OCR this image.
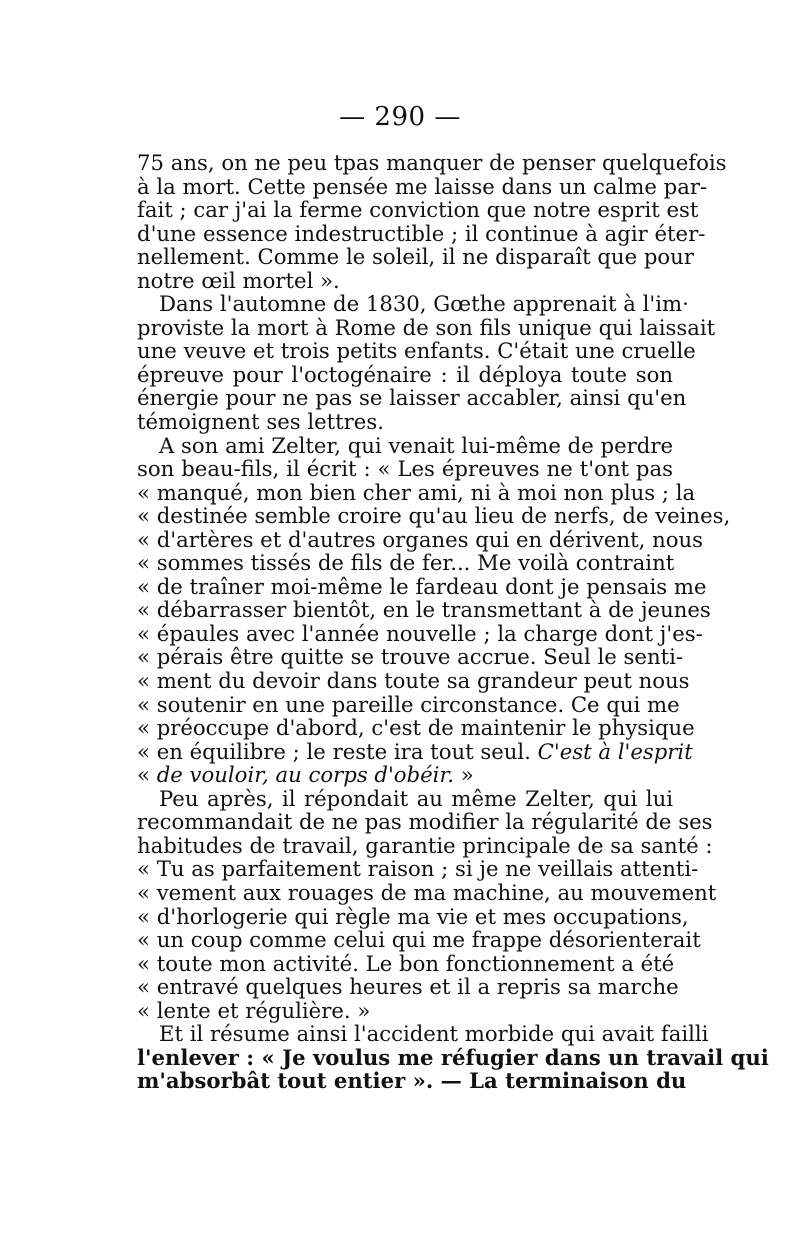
— 290 —
75 ans, on ne peu tpas manquer de penser quelquefois
à la mort. Cette pensée me laisse dans un calme par-
fait ; car j'ai la ferme conviction que notre esprit est
d'une essence indestructible ; il continue à agir éter-
nellement. Comme le soleil, il ne disparaît que pour
notre œil mortel ».
Dans l'automne de 1830, Gœthe apprenait à l'im·
proviste la mort à Rome de son fils unique qui laissait
une veuve et trois petits enfants. C'était une cruelle
épreuve pour l'octogénaire : il déploya toute son
énergie pour ne pas se laisser accabler, ainsi qu'en
témoignent ses lettres.
A son ami Zelter, qui venait lui-même de perdre
son beau-fils, il écrit : « Les épreuves ne t'ont pas
« manqué, mon bien cher ami, ni à moi non plus ; la
« destinée semble croire qu'au lieu de nerfs, de veines,
« d'artères et d'autres organes qui en dérivent, nous
« sommes tissés de fils de fer... Me voilà contraint
« de traîner moi-même le fardeau dont je pensais me
« débarrasser bientôt, en le transmettant à de jeunes
« épaules avec l'année nouvelle ; la charge dont j'es-
« pérais être quitte se trouve accrue. Seul le senti-
« ment du devoir dans toute sa grandeur peut nous
« soutenir en une pareille circonstance. Ce qui me
« préoccupe d'abord, c'est de maintenir le physique
« en équilibre ; le reste ira tout seul. C'est à l'esprit
« de vouloir, au corps d'obéir. »
Peu après, il répondait au même Zelter, qui lui
recommandait de ne pas modifier la régularité de ses
habitudes de travail, garantie principale de sa santé :
« Tu as parfaitement raison ; si je ne veillais attenti-
« vement aux rouages de ma machine, au mouvement
« d'horlogerie qui règle ma vie et mes occupations,
« un coup comme celui qui me frappe désorienterait
« toute mon activité. Le bon fonctionnement a été
« entravé quelques heures et il a repris sa marche
« lente et régulière. »
Et il résume ainsi l'accident morbide qui avait failli
l'enlever : « Je voulus me réfugier dans un travail qui
m'absorbât tout entier ». — La terminaison du
